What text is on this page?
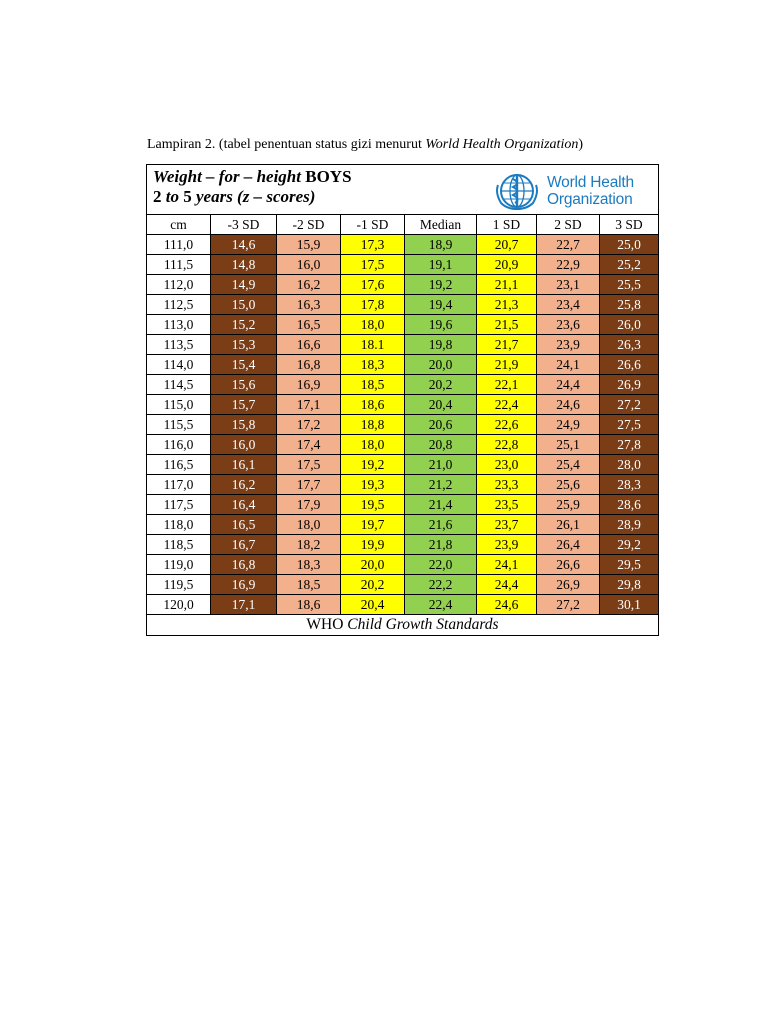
Lampiran 2. (tabel penentuan status gizi menurut World Health Organization)
Weight – for – height BOYS
2 to 5 years (z – scores)
World Health
Organization							

cm	-3 SD	-2 SD	-1 SD	Median	1 SD	2 SD	3 SD
111,0	14,6	15,9	17,3	18,9	20,7	22,7	25,0
111,5	14,8	16,0	17,5	19,1	20,9	22,9	25,2
112,0	14,9	16,2	17,6	19,2	21,1	23,1	25,5
112,5	15,0	16,3	17,8	19,4	21,3	23,4	25,8
113,0	15,2	16,5	18,0	19,6	21,5	23,6	26,0
113,5	15,3	16,6	18.1	19,8	21,7	23,9	26,3
114,0	15,4	16,8	18,3	20,0	21,9	24,1	26,6
114,5	15,6	16,9	18,5	20,2	22,1	24,4	26,9
115,0	15,7	17,1	18,6	20,4	22,4	24,6	27,2
115,5	15,8	17,2	18,8	20,6	22,6	24,9	27,5
116,0	16,0	17,4	18,0	20,8	22,8	25,1	27,8
116,5	16,1	17,5	19,2	21,0	23,0	25,4	28,0
117,0	16,2	17,7	19,3	21,2	23,3	25,6	28,3
117,5	16,4	17,9	19,5	21,4	23,5	25,9	28,6
118,0	16,5	18,0	19,7	21,6	23,7	26,1	28,9
118,5	16,7	18,2	19,9	21,8	23,9	26,4	29,2
119,0	16,8	18,3	20,0	22,0	24,1	26,6	29,5
119,5	16,9	18,5	20,2	22,2	24,4	26,9	29,8
120,0	17,1	18,6	20,4	22,4	24,6	27,2	30,1
WHO Child Growth Standards							
